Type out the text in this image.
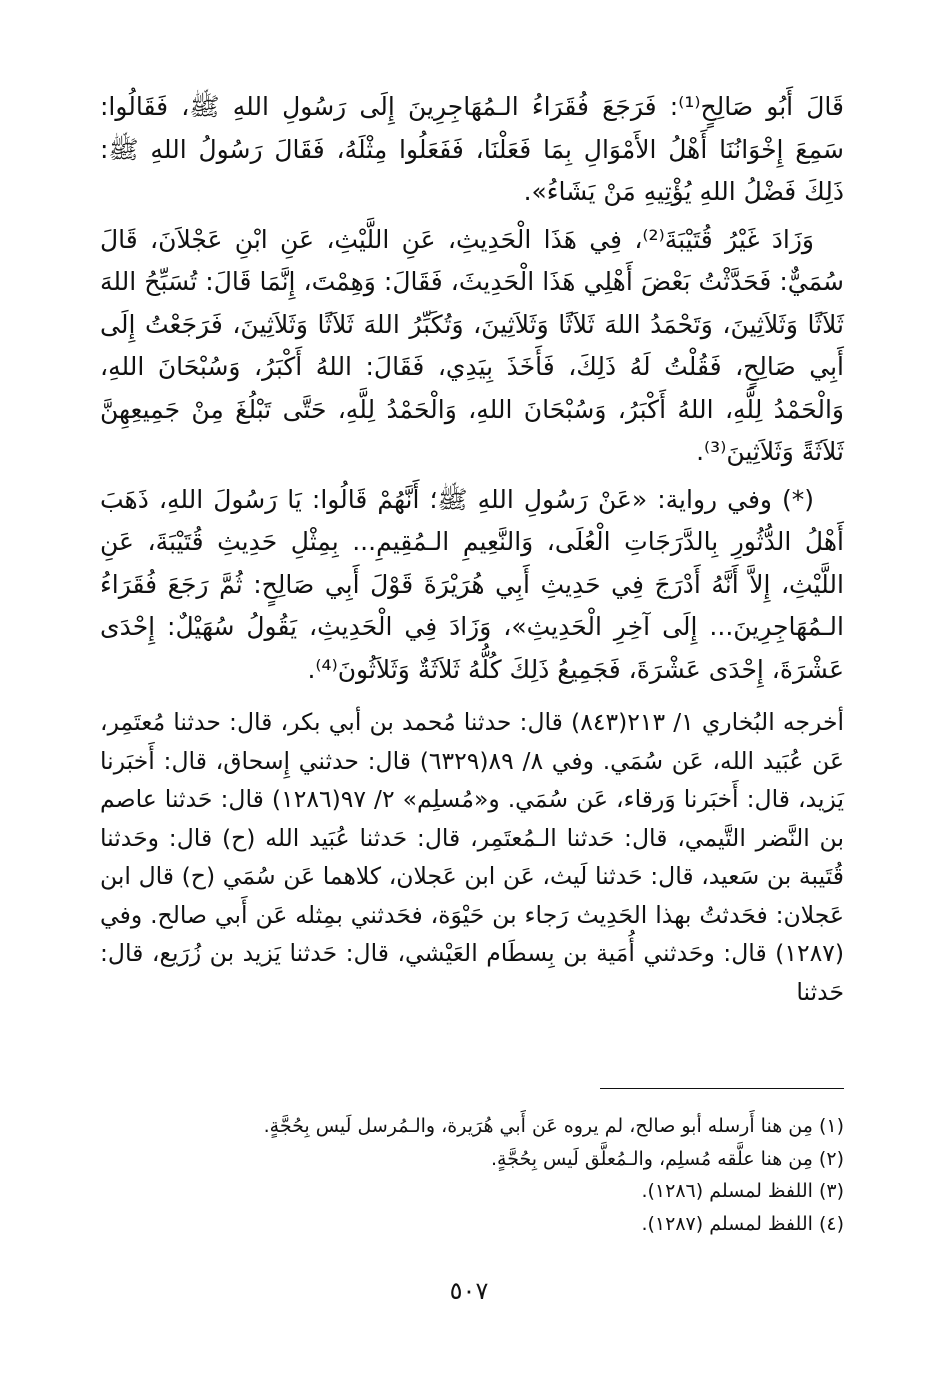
قَالَ أَبُو صَالِحٍ⁽¹⁾: فَرَجَعَ فُقَرَاءُ الـمُهَاجِرِينَ إِلَى رَسُولِ اللهِ ﷺ، فَقَالُوا: سَمِعَ إِخْوَانُنَا أَهْلُ الأَمْوَالِ بِمَا فَعَلْنَا، فَفَعَلُوا مِثْلَهُ، فَقَالَ رَسُولُ اللهِ ﷺ: ذَلِكَ فَضْلُ اللهِ يُؤْتِيهِ مَنْ يَشَاءُ».

وَزَادَ غَيْرُ قُتَيْبَةَ⁽²⁾، فِي هَذَا الْحَدِيثِ، عَنِ اللَّيْثِ، عَنِ ابْنِ عَجْلاَنَ، قَالَ سُمَيٌّ: فَحَدَّثْتُ بَعْضَ أَهْلِي هَذَا الْحَدِيثَ، فَقَالَ: وَهِمْتَ، إِنَّمَا قَالَ: تُسَبِّحُ اللهَ ثَلاَثًا وَثَلاَثِينَ، وَتَحْمَدُ اللهَ ثَلاَثًا وَثَلاَثِينَ، وَتُكَبِّرُ اللهَ ثَلاَثًا وَثَلاَثِينَ، فَرَجَعْتُ إِلَى أَبِي صَالِحٍ، فَقُلْتُ لَهُ ذَلِكَ، فَأَخَذَ بِيَدِي، فَقَالَ: اللهُ أَكْبَرُ، وَسُبْحَانَ اللهِ، وَالْحَمْدُ لِلَّهِ، اللهُ أَكْبَرُ، وَسُبْحَانَ اللهِ، وَالْحَمْدُ لِلَّهِ، حَتَّى تَبْلُغَ مِنْ جَمِيعِهِنَّ ثَلاَثَةً وَثَلاَثِينَ⁽³⁾.

(*) وفي رواية: «عَنْ رَسُولِ اللهِ ﷺ؛ أَنَّهُمْ قَالُوا: يَا رَسُولَ اللهِ، ذَهَبَ أَهْلُ الدُّثُورِ بِالدَّرَجَاتِ الْعُلَى، وَالنَّعِيمِ الـمُقِيمِ... بِمِثْلِ حَدِيثِ قُتَيْبَةَ، عَنِ اللَّيْثِ، إِلاَّ أَنَّهُ أَدْرَجَ فِي حَدِيثِ أَبِي هُرَيْرَةَ قَوْلَ أَبِي صَالِحٍ: ثُمَّ رَجَعَ فُقَرَاءُ الـمُهَاجِرِينَ... إِلَى آخِرِ الْحَدِيثِ»، وَزَادَ فِي الْحَدِيثِ، يَقُولُ سُهَيْلٌ: إِحْدَى عَشْرَةَ، إِحْدَى عَشْرَةَ، فَجَمِيعُ ذَلِكَ كُلُّهُ ثَلاَثَةٌ وَثَلاَثُونَ⁽⁴⁾.

أخرجه البُخاري ١/ ٢١٣(٨٤٣) قال: حدثنا مُحمد بن أبي بكر، قال: حدثنا مُعتَمِر، عَن عُبَيد الله، عَن سُمَي. وفي ٨/ ٨٩(٦٣٢٩) قال: حدثني إِسحاق، قال: أَخبَرنا يَزيد، قال: أَخبَرنا وَرقاء، عَن سُمَي. و«مُسلِم» ٢/ ٩٧(١٢٨٦) قال: حَدثنا عاصم بن النَّضر التَّيمي، قال: حَدثنا الـمُعتَمِر، قال: حَدثنا عُبَيد الله (ح) قال: وحَدثنا قُتَيبة بن سَعيد، قال: حَدثنا لَيث، عَن ابن عَجلان، كلاهما عَن سُمَي (ح) قال ابن عَجلان: فحَدثتُ بهذا الحَدِيث رَجاء بن حَيْوَة، فحَدثني بمِثله عَن أَبي صالح. وفي (١٢٨٧) قال: وحَدثني أُمَية بن بِسطَام العَيْشي، قال: حَدثنا يَزيد بن زُرَيع، قال: حَدثنا

(١) مِن هنا أَرسله أبو صالح، لم يروه عَن أَبي هُرَيرة، والـمُرسل لَيس بِحُجَّةٍ.
(٢) مِن هنا علَّقه مُسلِم، والـمُعلَّق لَيس بِحُجَّةٍ.
(٣) اللفظ لمسلم (١٢٨٦).
(٤) اللفظ لمسلم (١٢٨٧).
٥٠٧
